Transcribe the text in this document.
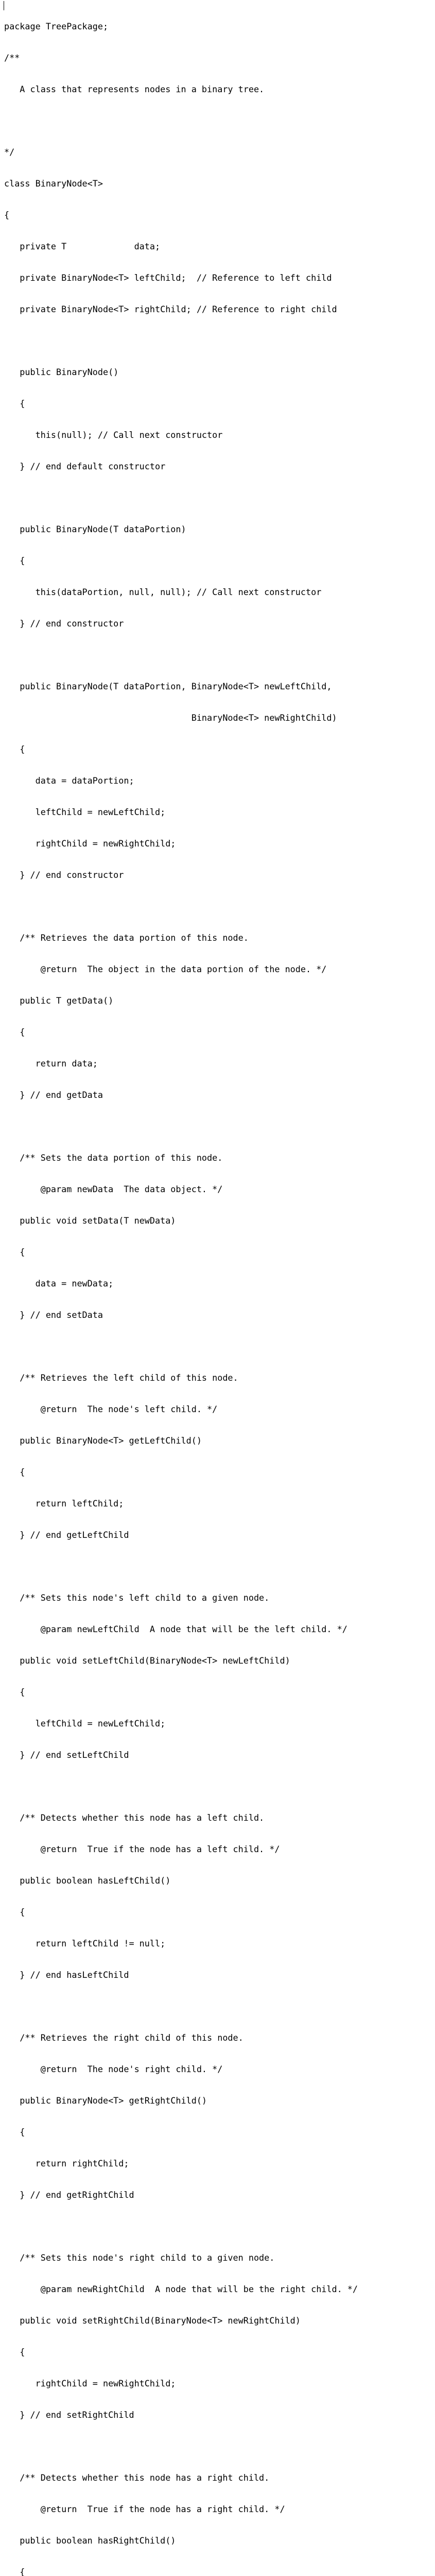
package TreePackage;

/**

A class that represents nodes in a binary tree.

*/

class BinaryNode<T>

{

private T             data;

private BinaryNode<T> leftChild;  // Reference to left child

private BinaryNode<T> rightChild; // Reference to right child

public BinaryNode()

{

this(null); // Call next constructor

} // end default constructor

public BinaryNode(T dataPortion)

{

this(dataPortion, null, null); // Call next constructor

} // end constructor

public BinaryNode(T dataPortion, BinaryNode<T> newLeftChild,

BinaryNode<T> newRightChild)

{

data = dataPortion;

leftChild = newLeftChild;

rightChild = newRightChild;

} // end constructor

/** Retrieves the data portion of this node.

@return  The object in the data portion of the node. */

public T getData()

{

return data;

} // end getData

/** Sets the data portion of this node.

@param newData  The data object. */

public void setData(T newData)

{

data = newData;

} // end setData

/** Retrieves the left child of this node.

@return  The node's left child. */

public BinaryNode<T> getLeftChild()

{

return leftChild;

} // end getLeftChild

/** Sets this node's left child to a given node.

@param newLeftChild  A node that will be the left child. */

public void setLeftChild(BinaryNode<T> newLeftChild)

{

leftChild = newLeftChild;

} // end setLeftChild

/** Detects whether this node has a left child.

@return  True if the node has a left child. */

public boolean hasLeftChild()

{

return leftChild != null;

} // end hasLeftChild

/** Retrieves the right child of this node.

@return  The node's right child. */

public BinaryNode<T> getRightChild()

{

return rightChild;

} // end getRightChild

/** Sets this node's right child to a given node.

@param newRightChild  A node that will be the right child. */

public void setRightChild(BinaryNode<T> newRightChild)

{

rightChild = newRightChild;

} // end setRightChild

/** Detects whether this node has a right child.

@return  True if the node has a right child. */

public boolean hasRightChild()

{
